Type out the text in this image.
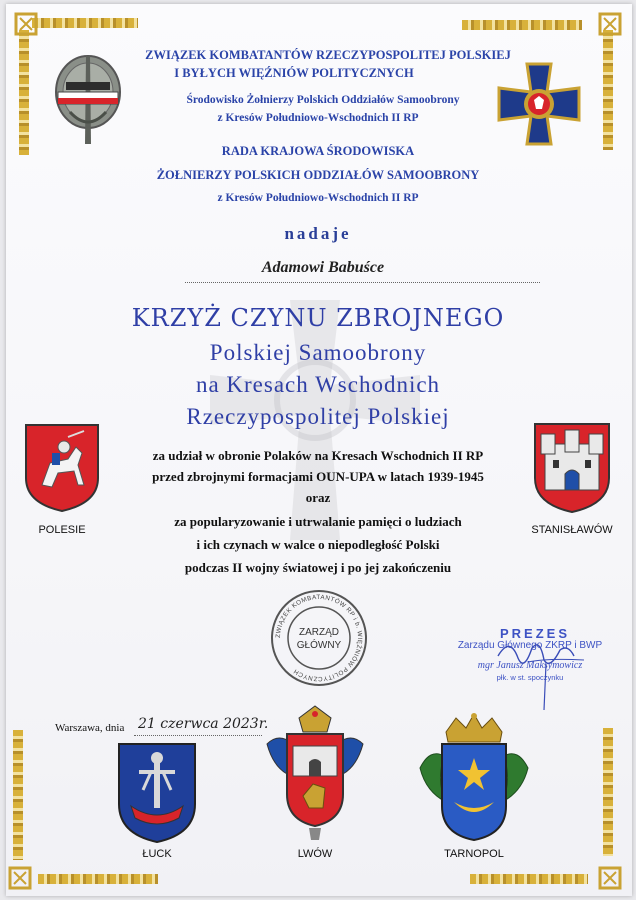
ZWIĄZEK KOMBATANTÓW RZECZYPOSPOLITEJ POLSKIEJ
I BYŁYCH WIĘŹNIÓW POLITYCZNYCH
Środowisko Żołnierzy Polskich Oddziałów Samoobrony
z Kresów Południowo-Wschodnich II RP
RADA KRAJOWA ŚRODOWISKA
ŻOŁNIERZY POLSKICH ODDZIAŁÓW SAMOOBRONY
z Kresów Południowo-Wschodnich II RP
nadaje
Adamowi Babuśce
KRZYŻ CZYNU ZBROJNEGO
Polskiej Samoobrony
na Kresach Wschodnich
Rzeczypospolitej Polskiej
za udział w obronie Polaków na Kresach Wschodnich II RP
przed zbrojnymi formacjami OUN-UPA w latach 1939-1945
oraz
za popularyzowanie i utrwalanie pamięci o ludziach
i ich czynach w walce o niepodległość Polski
podczas II wojny światowej i po jej zakończeniu
POLESIE	STANISŁAWÓW
ZWIĄZEK KOMBATANTÓW RP i b. WIĘŹNIÓW POLITYCZNYCH
ZARZĄD
GŁÓWNY
PREZES
Zarządu Głównego ZKRP i BWP
mgr Janusz Maksymowicz
płk. w st. spoczynku
Warszawa, dnia 21 czerwca 2023r.
ŁUCK	LWÓW	TARNOPOL
